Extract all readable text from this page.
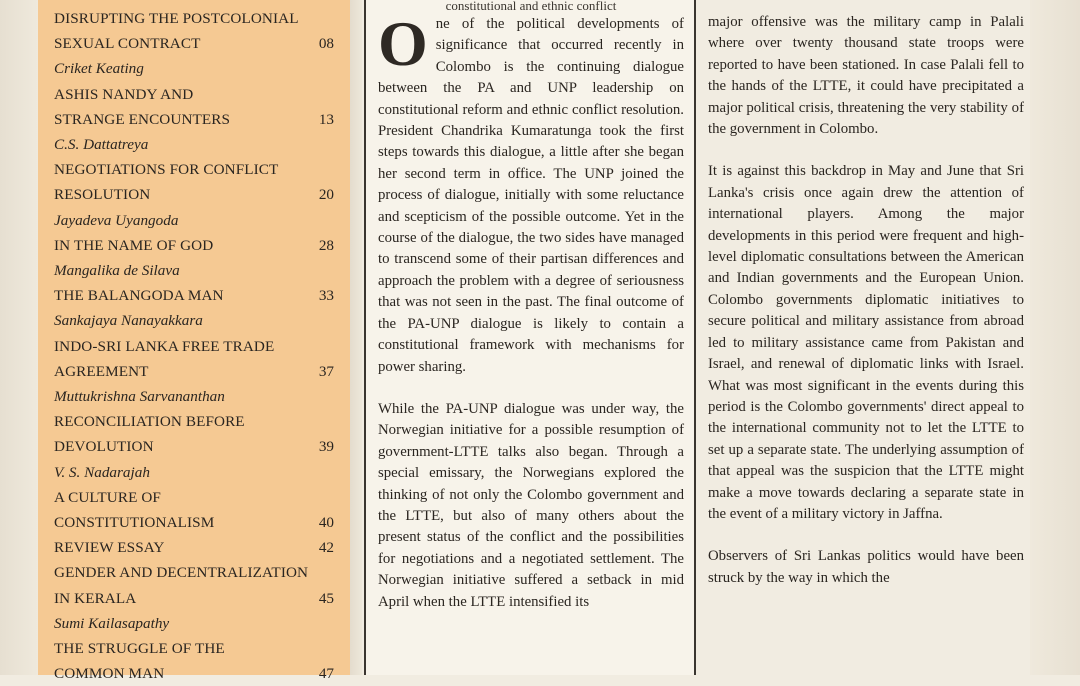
DISRUPTING THE POSTCOLONIAL
SEXUAL CONTRACT	08
Criket Keating
ASHIS NANDY AND
STRANGE ENCOUNTERS	13
C.S. Dattatreya
NEGOTIATIONS FOR CONFLICT
RESOLUTION	20
Jayadeva Uyangoda
IN THE NAME OF GOD	28
Mangalika de Silava
THE BALANGODA MAN	33
Sankajaya Nanayakkara
INDO-SRI LANKA FREE TRADE
AGREEMENT	37
Muttukrishna Sarvananthan
RECONCILIATION BEFORE
DEVOLUTION	39
V. S. Nadarajah
A CULTURE OF
CONSTITUTIONALISM	40
REVIEW ESSAY	42
GENDER AND DECENTRALIZATION
IN KERALA	45
Sumi Kailasapathy
THE STRUGGLE OF THE
COMMON MAN	47
constitutional and ethnic conflict

One of the political developments of significance that occurred recently in Colombo is the continuing dialogue between the PA and UNP leadership on constitutional reform and ethnic conflict resolution. President Chandrika Kumaratunga took the first steps towards this dialogue, a little after she began her second term in office. The UNP joined the process of dialogue, initially with some reluctance and scepticism of the possible outcome. Yet in the course of the dialogue, the two sides have managed to transcend some of their partisan differences and approach the problem with a degree of seriousness that was not seen in the past. The final outcome of the PA-UNP dialogue is likely to contain a constitutional framework with mechanisms for power sharing.

While the PA-UNP dialogue was under way, the Norwegian initiative for a possible resumption of government-LTTE talks also began. Through a special emissary, the Norwegians explored the thinking of not only the Colombo government and the LTTE, but also of many others about the present status of the conflict and the possibilities for negotiations and a negotiated settlement. The Norwegian initiative suffered a setback in mid April when the LTTE intensified its

major offensive was the military camp in Palali where over twenty thousand state troops were reported to have been stationed. In case Palali fell to the hands of the LTTE, it could have precipitated a major political crisis, threatening the very stability of the government in Colombo.

It is against this backdrop in May and June that Sri Lanka's crisis once again drew the attention of international players. Among the major developments in this period were frequent and high-level diplomatic consultations between the American and Indian governments and the European Union. Colombo governments diplomatic initiatives to secure political and military assistance from abroad led to military assistance came from Pakistan and Israel, and renewal of diplomatic links with Israel. What was most significant in the events during this period is the Colombo governments' direct appeal to the international community not to let the LTTE to set up a separate state. The underlying assumption of that appeal was the suspicion that the LTTE might make a move towards declaring a separate state in the event of a military victory in Jaffna.

Observers of Sri Lankas politics would have been struck by the way in which the
